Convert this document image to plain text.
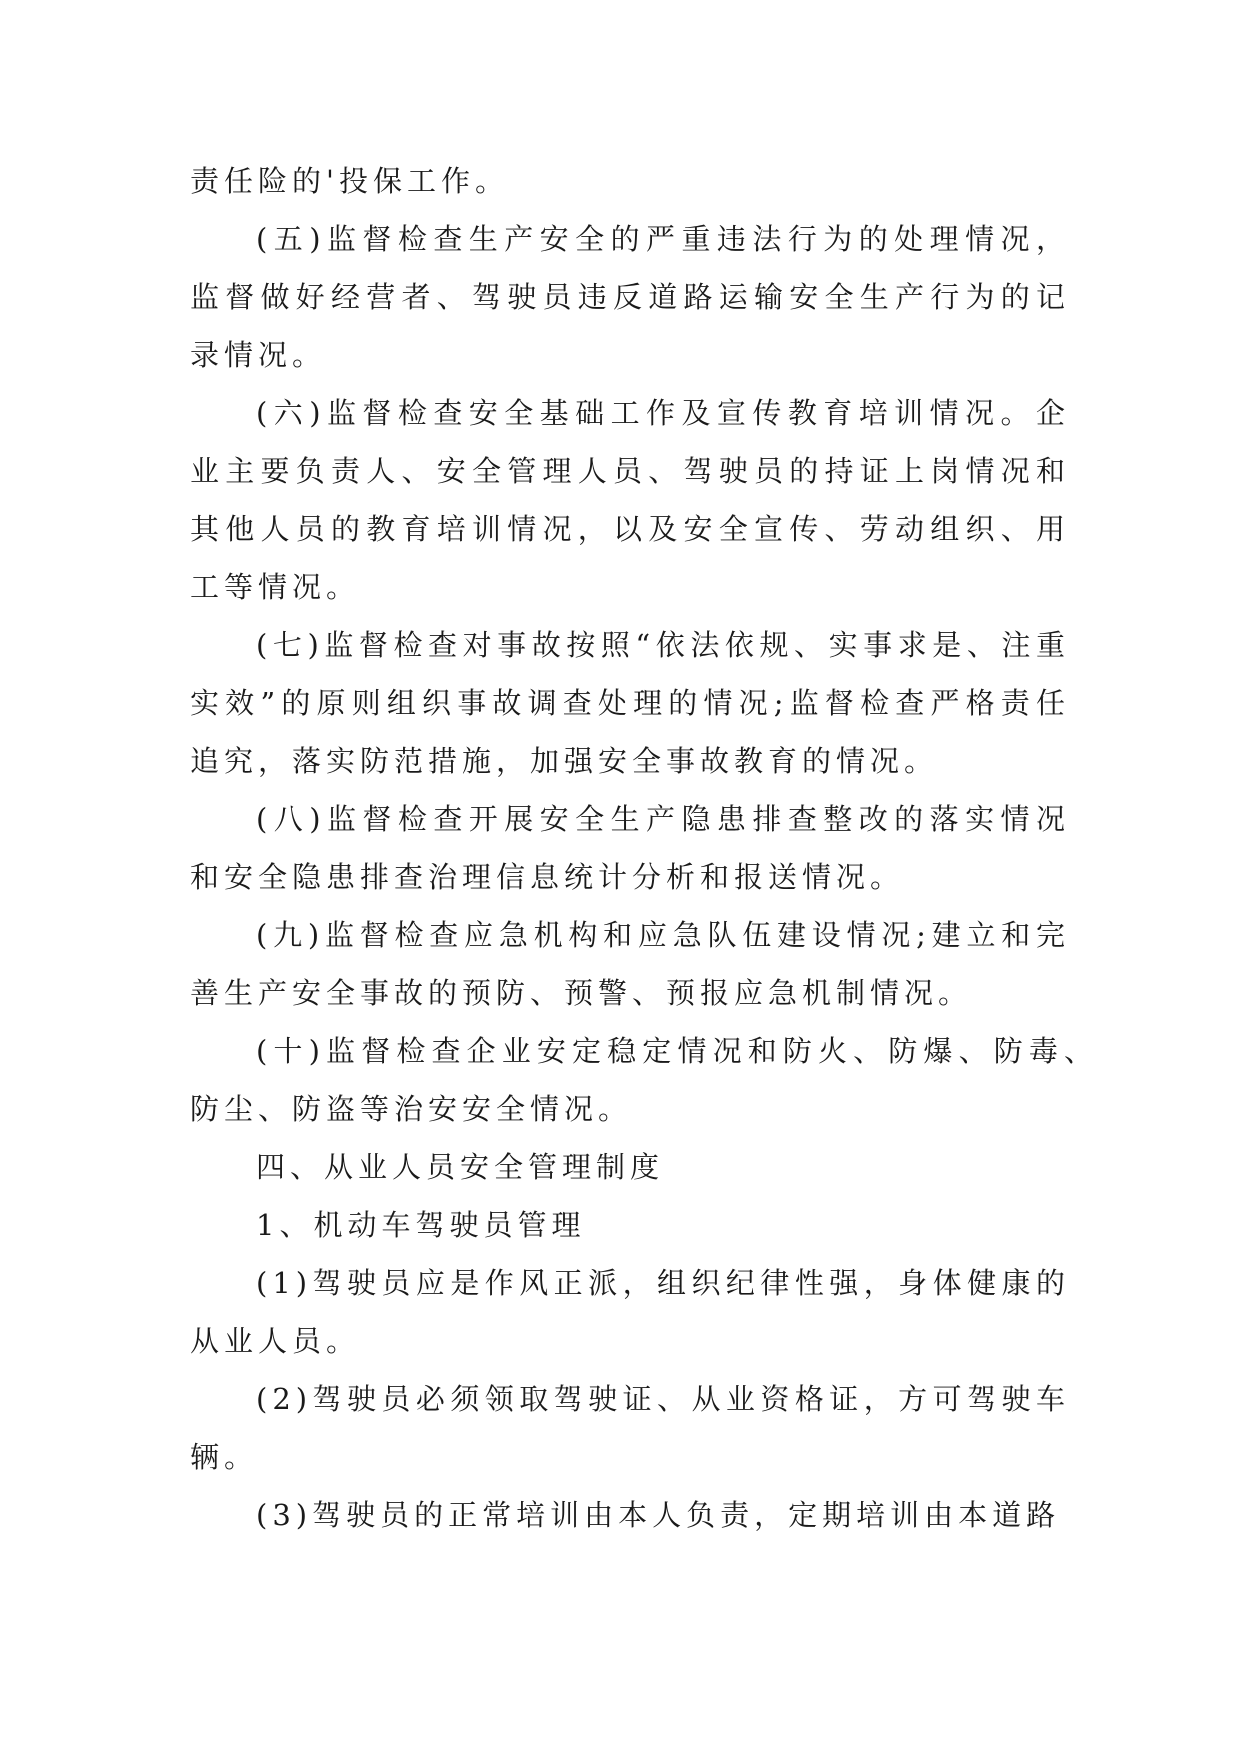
责任险的'投保工作。

(五)监督检查生产安全的严重违法行为的处理情况，监督做好经营者、驾驶员违反道路运输安全生产行为的记录情况。

(六)监督检查安全基础工作及宣传教育培训情况。企业主要负责人、安全管理人员、驾驶员的持证上岗情况和其他人员的教育培训情况，以及安全宣传、劳动组织、用工等情况。

(七)监督检查对事故按照“依法依规、实事求是、注重实效”的原则组织事故调查处理的情况;监督检查严格责任追究，落实防范措施，加强安全事故教育的情况。

(八)监督检查开展安全生产隐患排查整改的落实情况和安全隐患排查治理信息统计分析和报送情况。

(九)监督检查应急机构和应急队伍建设情况;建立和完善生产安全事故的预防、预警、预报应急机制情况。

(十)监督检查企业安定稳定情况和防火、防爆、防毒、防尘、防盗等治安安全情况。

四、从业人员安全管理制度

1、机动车驾驶员管理

(1)驾驶员应是作风正派，组织纪律性强，身体健康的从业人员。

(2)驾驶员必须领取驾驶证、从业资格证，方可驾驶车辆。

(3)驾驶员的正常培训由本人负责，定期培训由本道路
